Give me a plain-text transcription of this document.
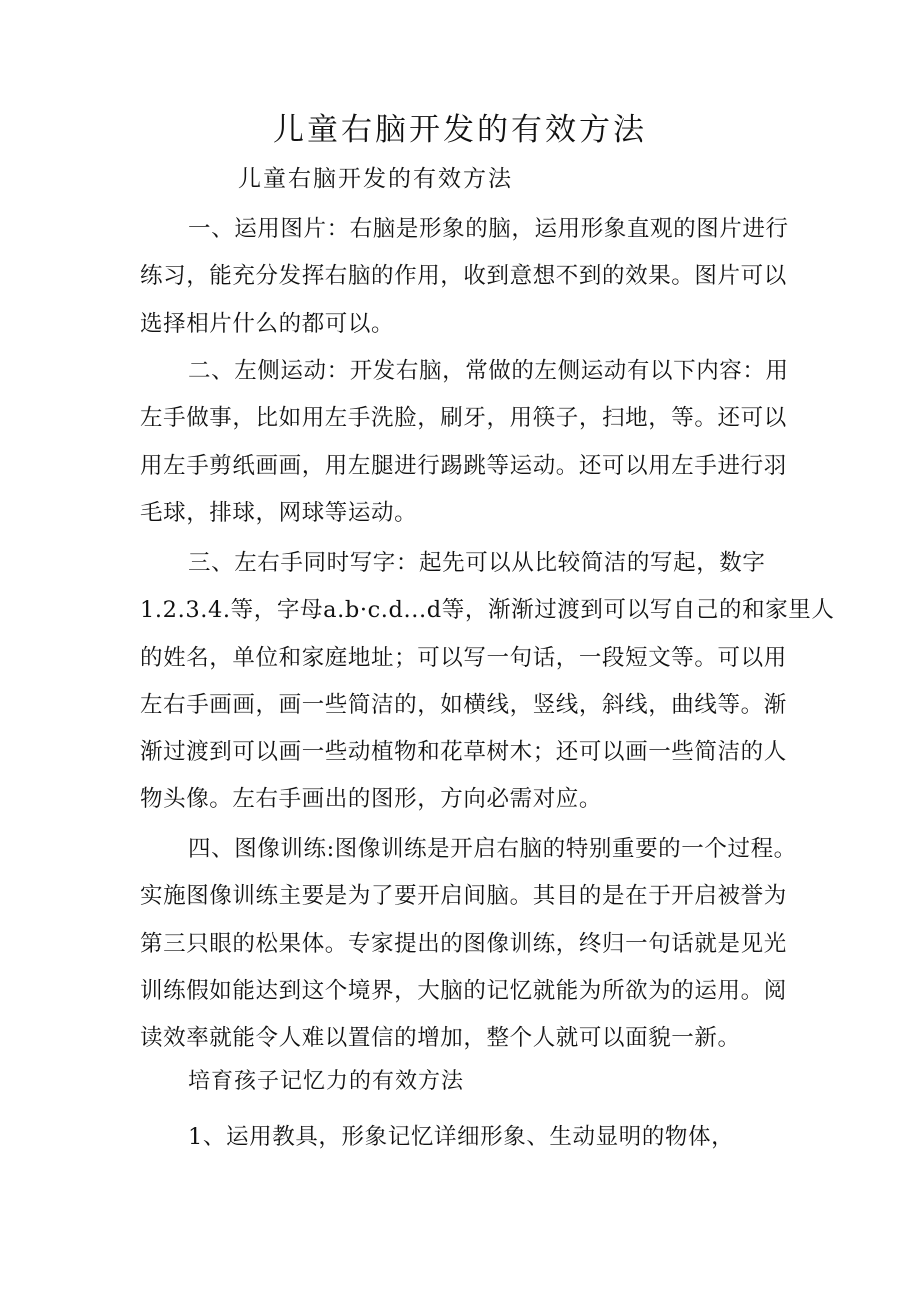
儿童右脑开发的有效方法

儿童右脑开发的有效方法

一、运用图片：右脑是形象的脑，运用形象直观的图片进行
练习，能充分发挥右脑的作用，收到意想不到的效果。图片可以
选择相片什么的都可以。

二、左侧运动：开发右脑，常做的左侧运动有以下内容：用
左手做事，比如用左手洗脸，刷牙，用筷子，扫地，等。还可以
用左手剪纸画画，用左腿进行踢跳等运动。还可以用左手进行羽
毛球，排球，网球等运动。

三、左右手同时写字：起先可以从比较简洁的写起，数字
1.2.3.4.等，字母a.b·c.d...d等，渐渐过渡到可以写自己的和家里人
的姓名，单位和家庭地址；可以写一句话，一段短文等。可以用
左右手画画，画一些简洁的，如横线，竖线，斜线，曲线等。渐
渐过渡到可以画一些动植物和花草树木；还可以画一些简洁的人
物头像。左右手画出的图形，方向必需对应。

四、图像训练:图像训练是开启右脑的特别重要的一个过程。
实施图像训练主要是为了要开启间脑。其目的是在于开启被誉为
第三只眼的松果体。专家提出的图像训练，终归一句话就是见光
训练假如能达到这个境界，大脑的记忆就能为所欲为的运用。阅
读效率就能令人难以置信的增加，整个人就可以面貌一新。

培育孩子记忆力的有效方法

1、运用教具，形象记忆详细形象、生动显明的物体，
